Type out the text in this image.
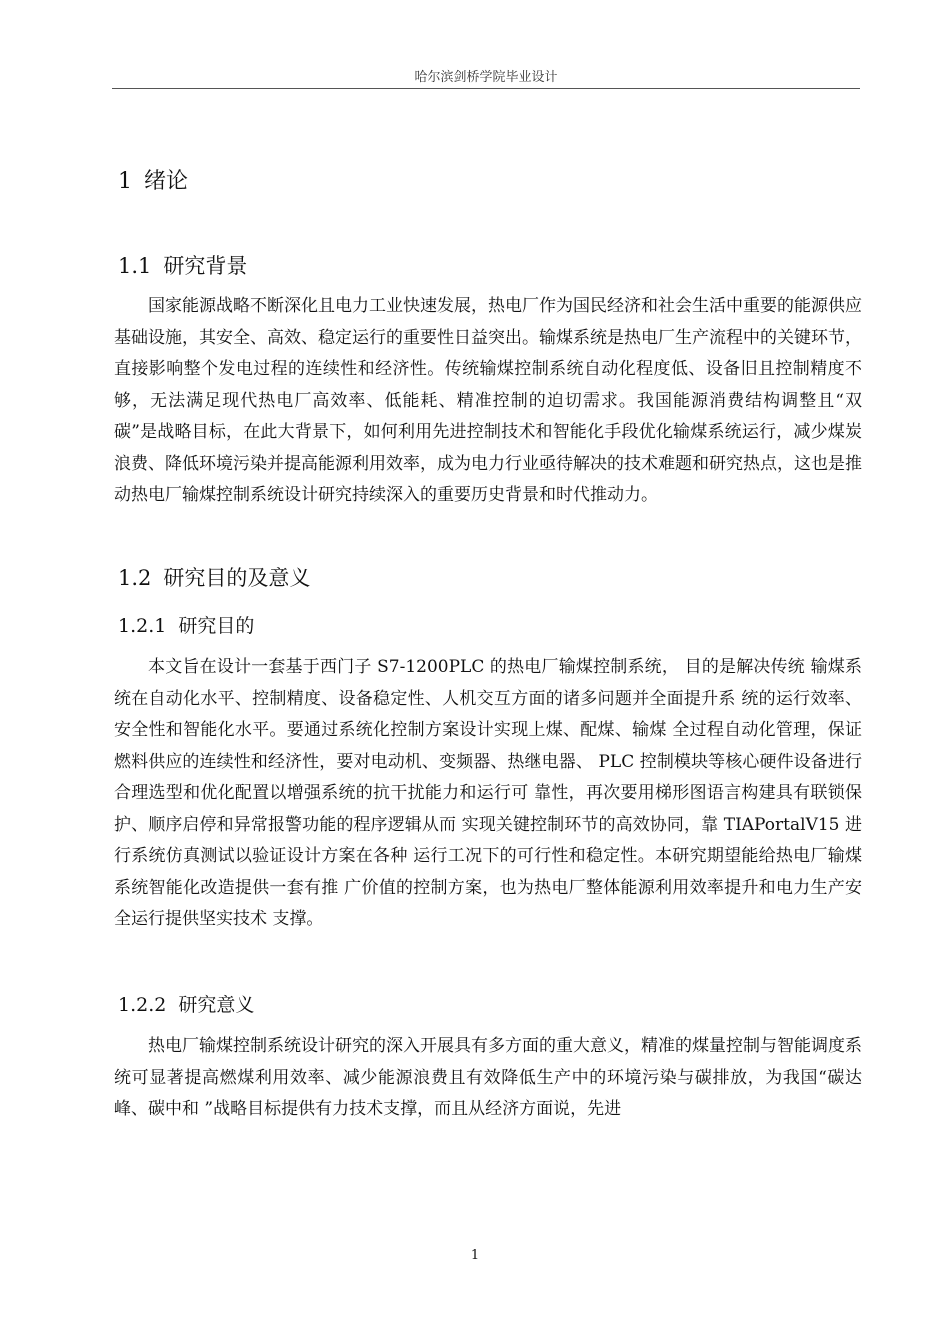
哈尔滨剑桥学院毕业设计
1 绪论
1.1 研究背景

国家能源战略不断深化且电力工业快速发展，热电厂作为国民经济和社会生活中重要的能源供应基础设施，其安全、高效、稳定运行的重要性日益突出。输煤系统是热电厂生产流程中的关键环节，直接影响整个发电过程的连续性和经济性。传统输煤控制系统自动化程度低、设备旧且控制精度不够，无法满足现代热电厂高效率、低能耗、精准控制的迫切需求。我国能源消费结构调整且“双碳”是战略目标，在此大背景下，如何利用先进控制技术和智能化手段优化输煤系统运行，减少煤炭浪费、降低环境污染并提高能源利用效率，成为电力行业亟待解决的技术难题和研究热点，这也是推动热电厂输煤控制系统设计研究持续深入的重要历史背景和时代推动力。

1.2 研究目的及意义
1.2.1 研究目的

本文旨在设计一套基于西门子 S7-1200PLC 的热电厂输煤控制系统， 目的是解决传统 输煤系统在自动化水平、控制精度、设备稳定性、人机交互方面的诸多问题并全面提升系 统的运行效率、安全性和智能化水平。要通过系统化控制方案设计实现上煤、配煤、输煤 全过程自动化管理，保证燃料供应的连续性和经济性，要对电动机、变频器、热继电器、 PLC 控制模块等核心硬件设备进行合理选型和优化配置以增强系统的抗干扰能力和运行可 靠性，再次要用梯形图语言构建具有联锁保护、顺序启停和异常报警功能的程序逻辑从而 实现关键控制环节的高效协同，靠 TIAPortalV15 进行系统仿真测试以验证设计方案在各种 运行工况下的可行性和稳定性。本研究期望能给热电厂输煤系统智能化改造提供一套有推 广价值的控制方案，也为热电厂整体能源利用效率提升和电力生产安全运行提供坚实技术 支撑。

1.2.2 研究意义

热电厂输煤控制系统设计研究的深入开展具有多方面的重大意义，精准的煤量控制与智能调度系统可显著提高燃煤利用效率、减少能源浪费且有效降低生产中的环境污染与碳排放，为我国“碳达峰、碳中和 ”战略目标提供有力技术支撑，而且从经济方面说，先进

1
